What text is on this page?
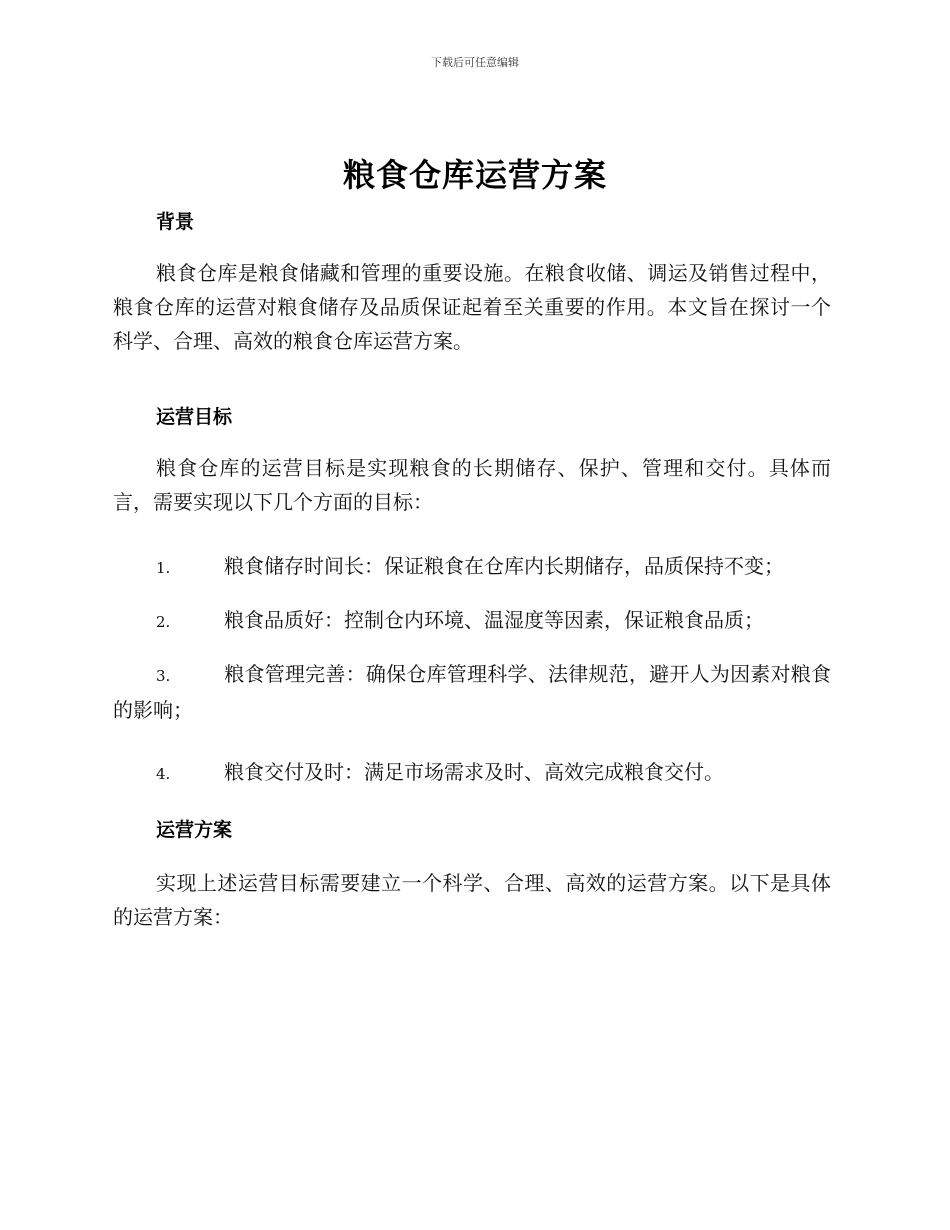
下载后可任意编辑
粮食仓库运营方案
背景
粮食仓库是粮食储藏和管理的重要设施。在粮食收储、调运及销售过程中，粮食仓库的运营对粮食储存及品质保证起着至关重要的作用。本文旨在探讨一个科学、合理、高效的粮食仓库运营方案。
运营目标
粮食仓库的运营目标是实现粮食的长期储存、保护、管理和交付。具体而言，需要实现以下几个方面的目标：
1.	粮食储存时间长：保证粮食在仓库内长期储存，品质保持不变；
2.	粮食品质好：控制仓内环境、温湿度等因素，保证粮食品质；
3.	粮食管理完善：确保仓库管理科学、法律规范，避开人为因素对粮食的影响；
4.	粮食交付及时：满足市场需求及时、高效完成粮食交付。
运营方案
实现上述运营目标需要建立一个科学、合理、高效的运营方案。以下是具体的运营方案：
